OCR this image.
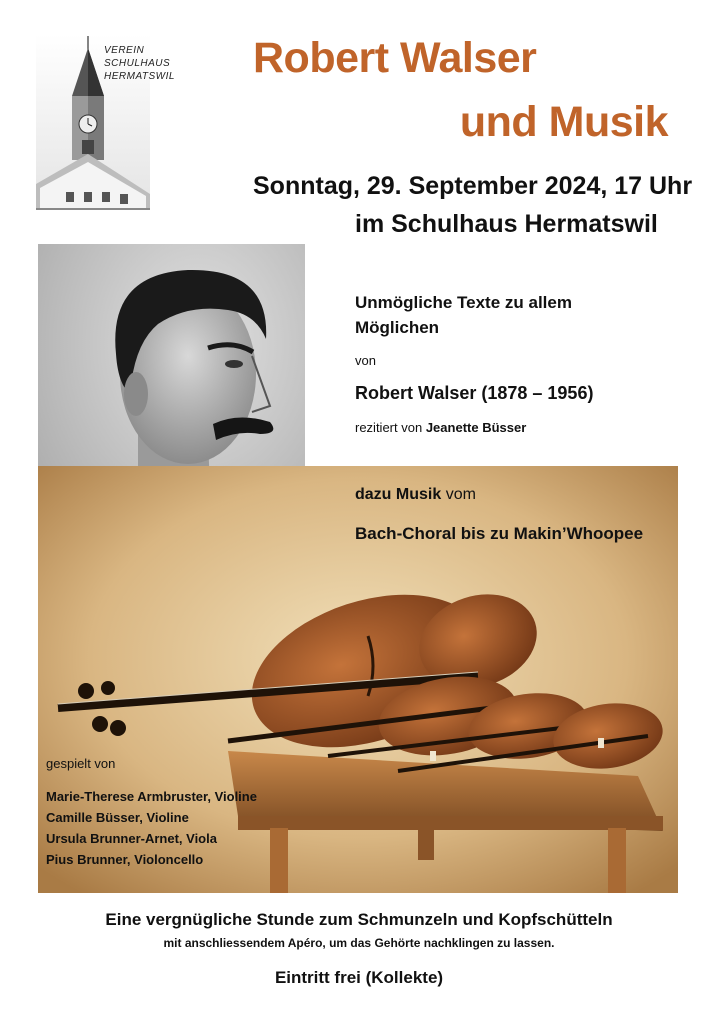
VEREIN
SCHULHAUS
HERMATSWIL Robert Walser
und Musik
Sonntag, 29. September 2024, 17 Uhr
im Schulhaus Hermatswil
Unmögliche Texte zu allem Möglichen
von
Robert Walser (1878 – 1956)
rezitiert von Jeanette Büsser
dazu Musik vom
Bach-Choral bis zu Makin’Whoopee
gespielt von
Marie-Therese Armbruster, Violine
Camille Büsser, Violine
Ursula Brunner-Arnet, Viola
Pius Brunner, Violoncello
Eine vergnügliche Stunde zum Schmunzeln und Kopfschütteln
mit anschliessendem Apéro, um das Gehörte nachklingen zu lassen.
Eintritt frei (Kollekte)
